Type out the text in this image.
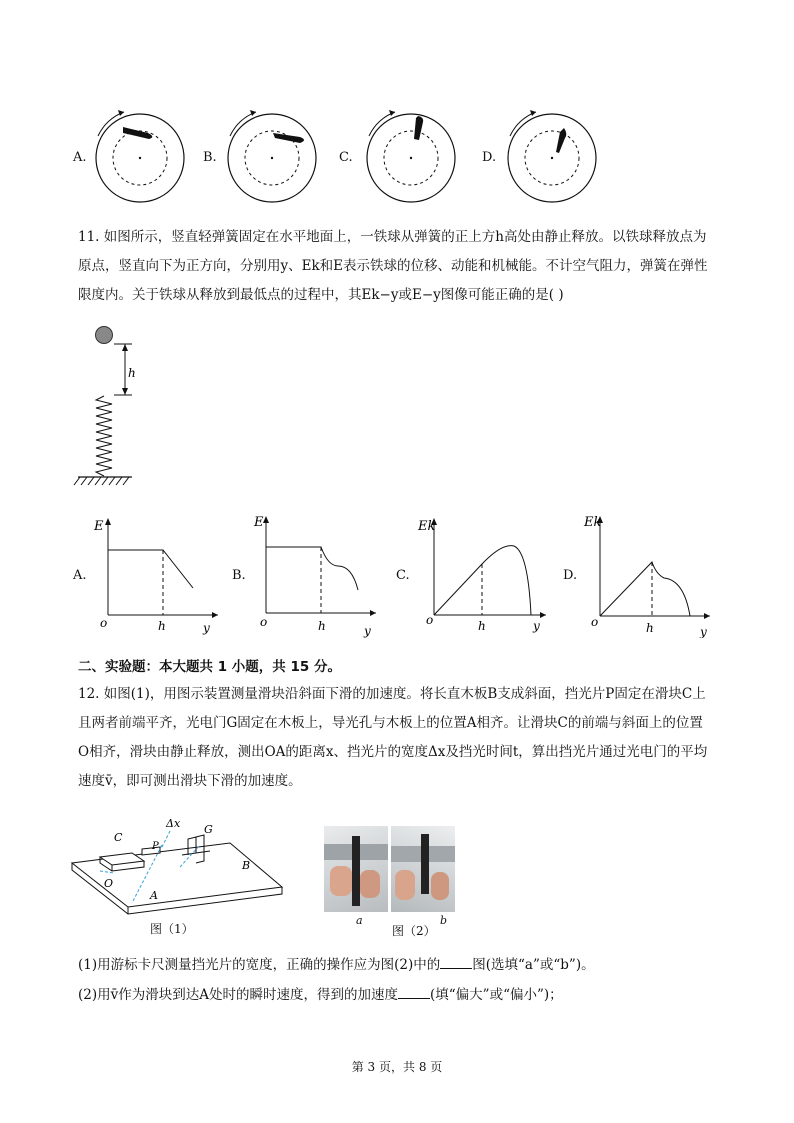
A.	B.	C.	D.

11. 如图所示，竖直轻弹簧固定在水平地面上，一铁球从弹簧的正上方h高处由静止释放。以铁球释放点为

原点，竖直向下为正方向，分别用y、Ek和E表示铁球的位移、动能和机械能。不计空气阻力，弹簧在弹性

限度内。关于铁球从释放到最低点的过程中，其Ek−y或E−y图像可能正确的是( )

h
A.
E
o	h	y
B.
E
o	h	y
C.
Ek
o	h	y
D.
Ek
o	h	y
二、实验题：本大题共 1 小题，共 15 分。

12. 如图(1)，用图示装置测量滑块沿斜面下滑的加速度。将长直木板B支成斜面，挡光片P固定在滑块C上

且两者前端平齐，光电门G固定在木板上，导光孔与木板上的位置A相齐。让滑块C的前端与斜面上的位置

O相齐，滑块由静止释放，测出OA的距离x、挡光片的宽度Δx及挡光时间t，算出挡光片通过光电门的平均

速度v̄，即可测出滑块下滑的加速度。

C
Δx G
P
B
O
A
图（1）
a	b
图（2）
(1)用游标卡尺测量挡光片的宽度，正确的操作应为图(2)中的 图(选填“a”或“b”)。
(2)用v̄作为滑块到达A处时的瞬时速度，得到的加速度 (填“偏大”或“偏小”)；
第 3 页，共 8 页
